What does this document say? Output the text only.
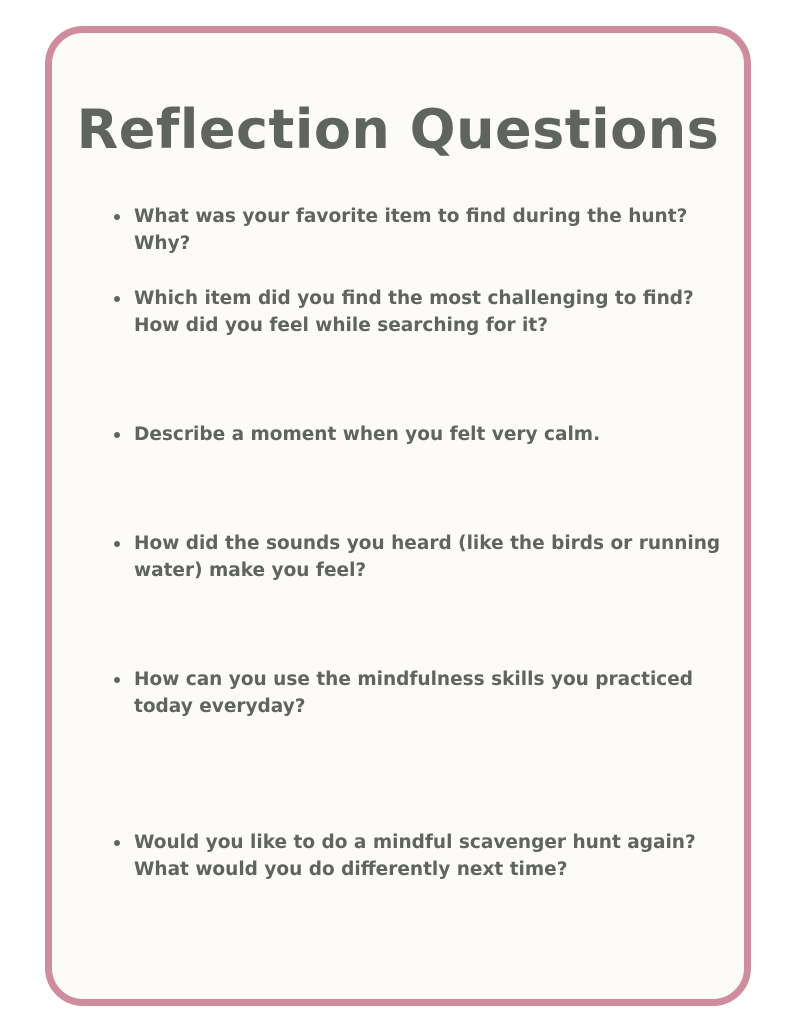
Reflection Questions
What was your favorite item to find during the hunt? Why?
Which item did you find the most challenging to find? How did you feel while searching for it?
Describe a moment when you felt very calm.
How did the sounds you heard (like the birds or running water) make you feel?
How can you use the mindfulness skills you practiced today everyday?
Would you like to do a mindful scavenger hunt again? What would you do differently next time?
